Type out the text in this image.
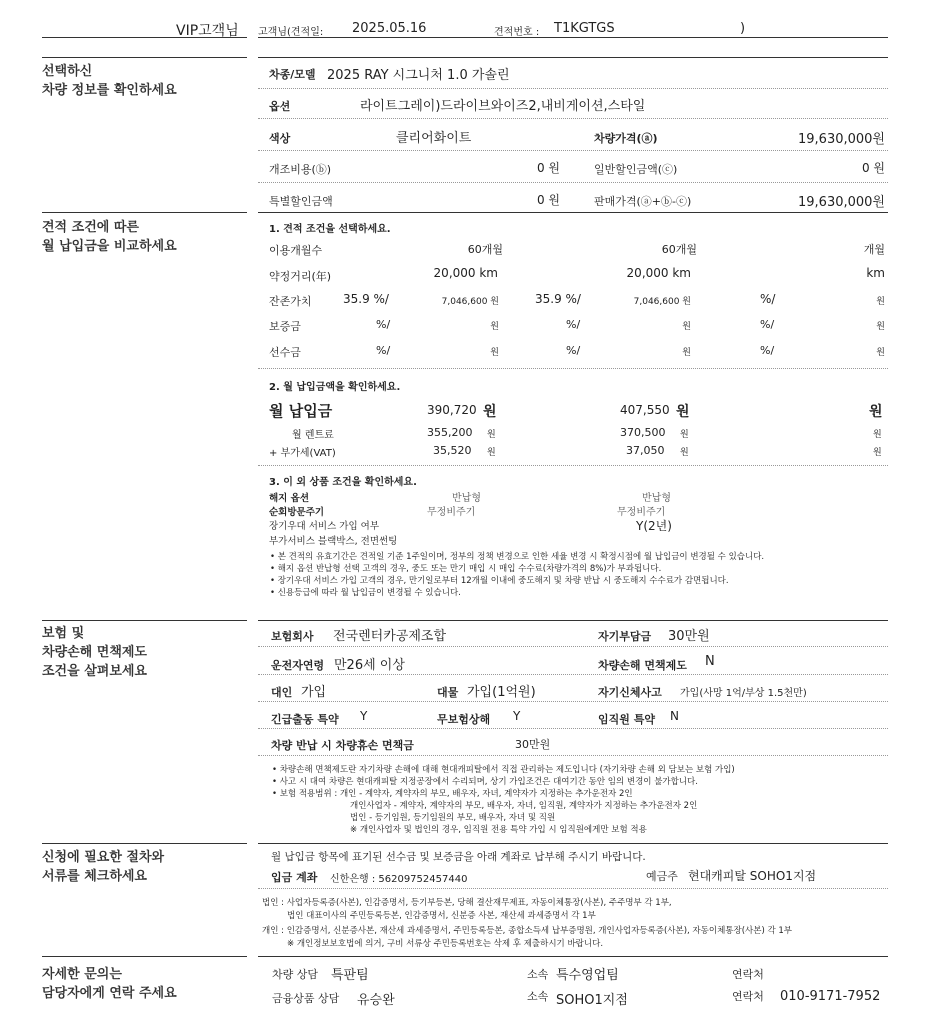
VIP고객님 고객님(견적일: 2025.05.16	견적번호 : T1KGTGS	)
선택하신
차량 정보를 확인하세요
차종/모델 2025 RAY 시그니처 1.0 가솔린
옵션	라이트그레이)드라이브와이즈2,내비게이션,스타일
색상	클리어화이트	차량가격(ⓐ)	19,630,000원
개조비용(ⓑ)	0 원	일반할인금액(ⓒ)	0 원
특별할인금액	0 원	판매가격(ⓐ+ⓑ-ⓒ)	19,630,000원
견적 조건에 따른
월 납입금을 비교하세요
1. 견적 조건을 선택하세요.
이용개월수	60개월	60개월	개월
약정거리(年)	20,000 km	20,000 km	km
잔존가치	35.9 %/	7,046,600 원	35.9 %/	7,046,600 원	%/	원
보증금	%/	원	%/	원	%/	원
선수금	%/	원	%/	원	%/	원
2. 월 납입금액을 확인하세요.
월 납입금	390,720 원	407,550 원	원
월 렌트료	355,200 원	370,500 원	원
+ 부가세(VAT)	35,520 원	37,050 원	원
3. 이 외 상품 조건을 확인하세요.
해지 옵션	반납형	반납형
순회방문주기	무정비주기	무정비주기
장기우대 서비스 가입 여부	Y(2년)
부가서비스 블랙박스, 전면썬팅
• 본 견적의 유효기간은 견적일 기준 1주일이며, 정부의 정책 변경으로 인한 세율 변경 시 확정시점에 월 납입금이 변경될 수 있습니다.
• 해지 옵션 반납형 선택 고객의 경우, 중도 또는 만기 매입 시 매입 수수료(차량가격의 8%)가 부과됩니다.
• 장기우대 서비스 가입 고객의 경우, 만기일로부터 12개월 이내에 중도해지 및 차량 반납 시 중도해지 수수료가 감면됩니다.
• 신용등급에 따라 월 납입금이 변경될 수 있습니다.
보험 및
차량손해 면책제도
조건을 살펴보세요
보험회사 전국렌터카공제조합	자기부담금 30만원
운전자연령 만26세 이상	차량손해 면책제도 N
대인 가입	대물 가입(1억원)	자기신체사고 가입(사망 1억/부상 1.5천만)
긴급출동 특약 Y	무보험상해 Y	임직원 특약 N
차량 반납 시 차량휴손 면책금	30만원
• 차량손해 면책제도란 자기차량 손해에 대해 현대캐피탈에서 직접 관리하는 제도입니다 (자기차량 손해 외 담보는 보험 가입)
• 사고 시 대여 차량은 현대캐피탈 지정공장에서 수리되며, 상기 가입조건은 대여기간 동안 임의 변경이 불가합니다.
• 보험 적용범위 : 개인 - 계약자, 계약자의 부모, 배우자, 자녀, 계약자가 지정하는 추가운전자 2인
개인사업자 - 계약자, 계약자의 부모, 배우자, 자녀, 임직원, 계약자가 지정하는 추가운전자 2인
법인 - 등기임원, 등기임원의 부모, 배우자, 자녀 및 직원
※ 개인사업자 및 법인의 경우, 임직원 전용 특약 가입 시 임직원에게만 보험 적용
신청에 필요한 절차와
서류를 체크하세요
월 납입금 항목에 표기된 선수금 및 보증금을 아래 계좌로 납부해 주시기 바랍니다.
입금 계좌 신한은행 : 56209752457440	예금주 현대캐피탈 SOHO1지점
법인 : 사업자등록증(사본), 인감증명서, 등기부등본, 당해 결산재무제표, 자동이체통장(사본), 주주명부 각 1부,
법인 대표이사의 주민등록등본, 인감증명서, 신분증 사본, 재산세 과세증명서 각 1부
개인 : 인감증명서, 신분증사본, 재산세 과세증명서, 주민등록등본, 종합소득세 납부증명원, 개인사업자등록증(사본), 자동이체통장(사본) 각 1부
※ 개인정보보호법에 의거, 구비 서류상 주민등록번호는 삭제 후 제출하시기 바랍니다.
자세한 문의는
담당자에게 연락 주세요
차량 상담 특판팀	소속 특수영업팀	연락처
금융상품 상담 유승완	소속 SOHO1지점	연락처 010-9171-7952
